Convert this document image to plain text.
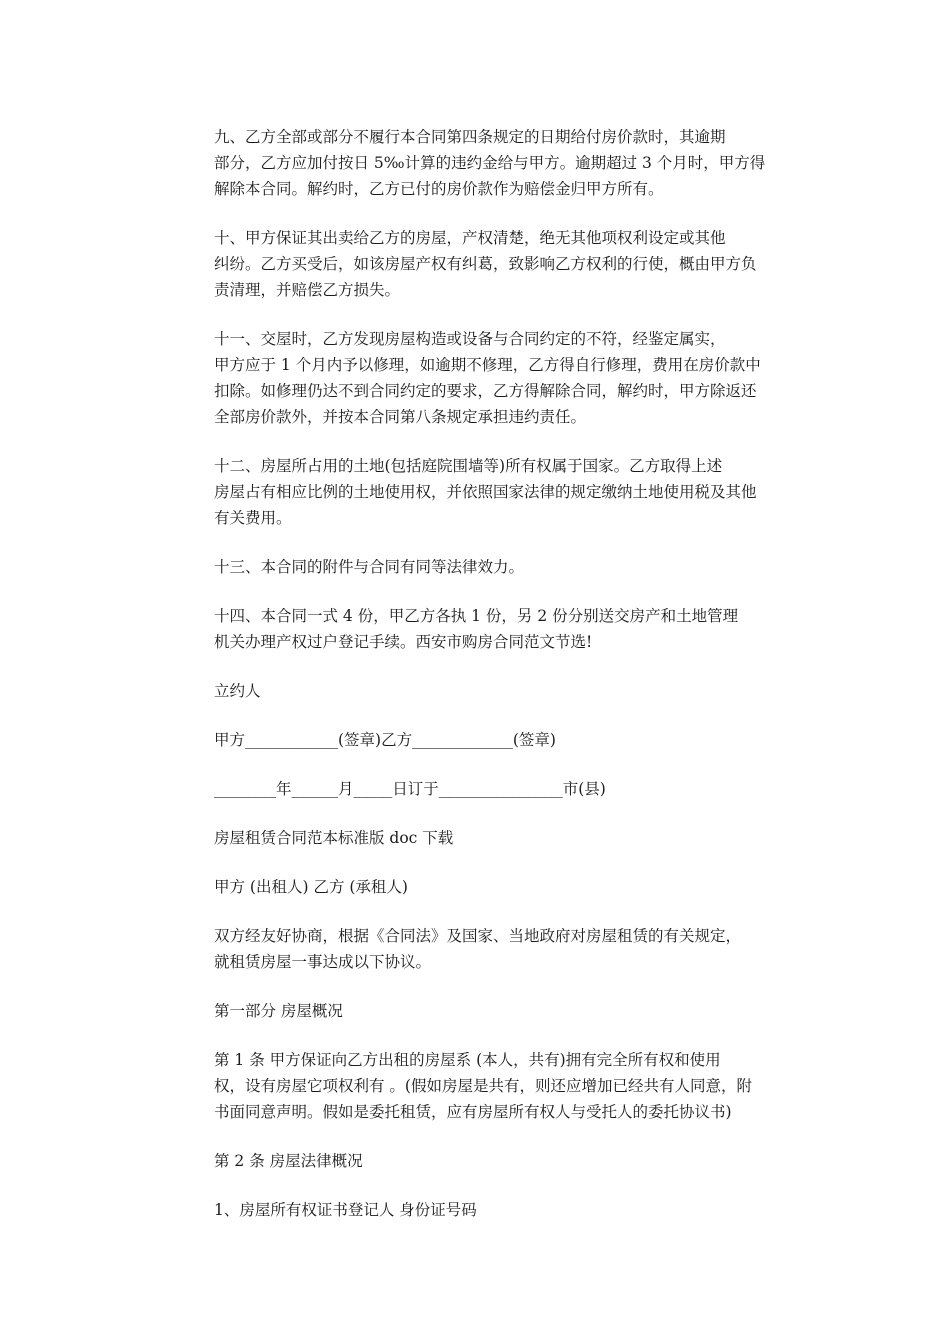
九、乙方全部或部分不履行本合同第四条规定的日期给付房价款时，其逾期
部分，乙方应加付按日 5‰计算的违约金给与甲方。逾期超过 3 个月时，甲方得
解除本合同。解约时，乙方已付的房价款作为赔偿金归甲方所有。

十、甲方保证其出卖给乙方的房屋，产权清楚，绝无其他项权利设定或其他
纠纷。乙方买受后，如该房屋产权有纠葛，致影响乙方权利的行使，概由甲方负
责清理，并赔偿乙方损失。

十一、交屋时，乙方发现房屋构造或设备与合同约定的不符，经鉴定属实，
甲方应于 1 个月内予以修理，如逾期不修理，乙方得自行修理，费用在房价款中
扣除。如修理仍达不到合同约定的要求，乙方得解除合同，解约时，甲方除返还
全部房价款外，并按本合同第八条规定承担违约责任。

十二、房屋所占用的土地(包括庭院围墙等)所有权属于国家。乙方取得上述
房屋占有相应比例的土地使用权，并依照国家法律的规定缴纳土地使用税及其他
有关费用。

十三、本合同的附件与合同有同等法律效力。

十四、本合同一式 4 份，甲乙方各执 1 份，另 2 份分别送交房产和土地管理
机关办理产权过户登记手续。西安市购房合同范文节选!

立约人

甲方____________(签章)乙方_____________(签章)

________年______月_____日订于________________市(县)

房屋租赁合同范本标准版 doc 下载

甲方 (出租人) 乙方 (承租人)

双方经友好协商，根据《合同法》及国家、当地政府对房屋租赁的有关规定，
就租赁房屋一事达成以下协议。

第一部分 房屋概况

第 1 条 甲方保证向乙方出租的房屋系 (本人，共有)拥有完全所有权和使用
权，设有房屋它项权利有 。(假如房屋是共有，则还应增加已经共有人同意，附
书面同意声明。假如是委托租赁，应有房屋所有权人与受托人的委托协议书)

第 2 条 房屋法律概况

1、房屋所有权证书登记人 身份证号码
